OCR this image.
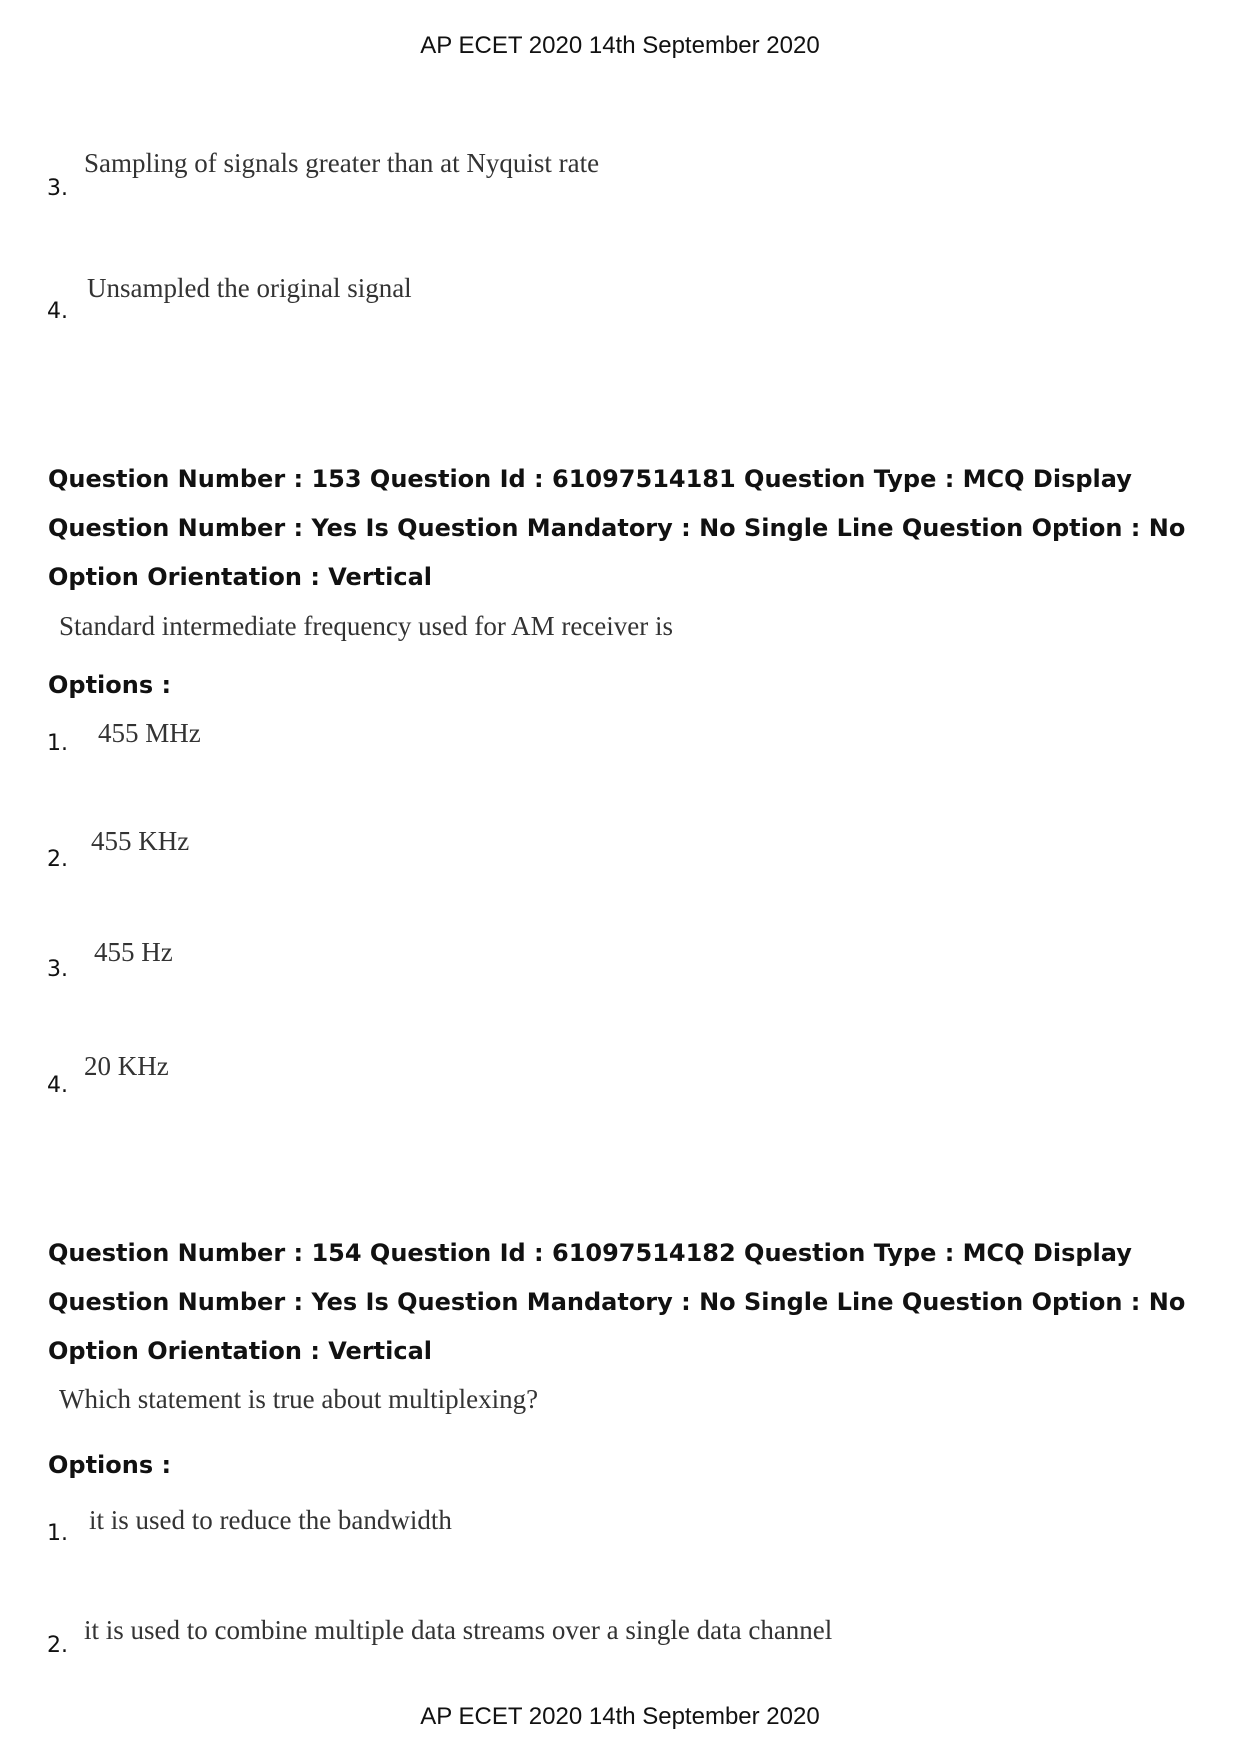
AP ECET 2020 14th September 2020
3.
Sampling of signals greater than at Nyquist rate
4.
Unsampled the original signal
Question Number : 153 Question Id : 61097514181 Question Type : MCQ Display Question Number : Yes Is Question Mandatory : No Single Line Question Option : No Option Orientation : Vertical
Standard intermediate frequency used for AM receiver is
Options :
1. 455 MHz
2.
455 KHz
3.
455 Hz
4.
20 KHz
Question Number : 154 Question Id : 61097514182 Question Type : MCQ Display Question Number : Yes Is Question Mandatory : No Single Line Question Option : No Option Orientation : Vertical
Which statement is true about multiplexing?
Options :
1. it is used to reduce the bandwidth
2.
it is used to combine multiple data streams over a single data channel
AP ECET 2020 14th September 2020
